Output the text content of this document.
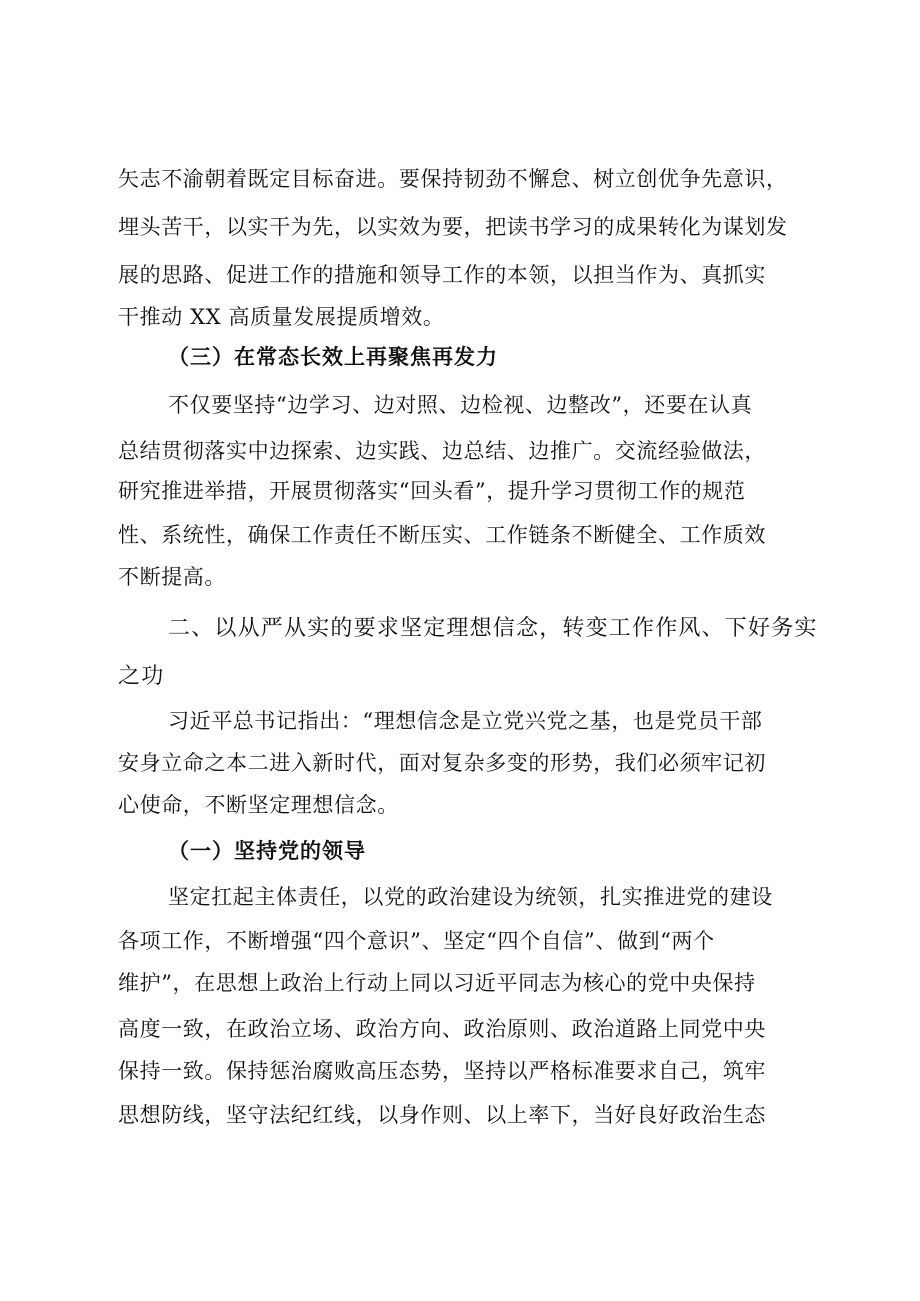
矢志不渝朝着既定目标奋进。要保持韧劲不懈怠、树立创优争先意识，
埋头苦干，以实干为先，以实效为要，把读书学习的成果转化为谋划发
展的思路、促进工作的措施和领导工作的本领，以担当作为、真抓实
干推动 XX 高质量发展提质增效。
（三）在常态长效上再聚焦再发力
不仅要坚持“边学习、边对照、边检视、边整改”，还要在认真
总结贯彻落实中边探索、边实践、边总结、边推广。交流经验做法，
研究推进举措，开展贯彻落实“回头看”，提升学习贯彻工作的规范
性、系统性，确保工作责任不断压实、工作链条不断健全、工作质效
不断提高。
二、以从严从实的要求坚定理想信念，转变工作作风、下好务实
之功
习近平总书记指出：“理想信念是立党兴党之基，也是党员干部
安身立命之本二进入新时代，面对复杂多变的形势，我们必须牢记初
心使命，不断坚定理想信念。
（一）坚持党的领导
坚定扛起主体责任，以党的政治建设为统领，扎实推进党的建设
各项工作，不断增强“四个意识”、坚定“四个自信”、做到“两个
维护”，在思想上政治上行动上同以习近平同志为核心的党中央保持
高度一致，在政治立场、政治方向、政治原则、政治道路上同党中央
保持一致。保持惩治腐败高压态势，坚持以严格标准要求自己，筑牢
思想防线，坚守法纪红线，以身作则、以上率下，当好良好政治生态
